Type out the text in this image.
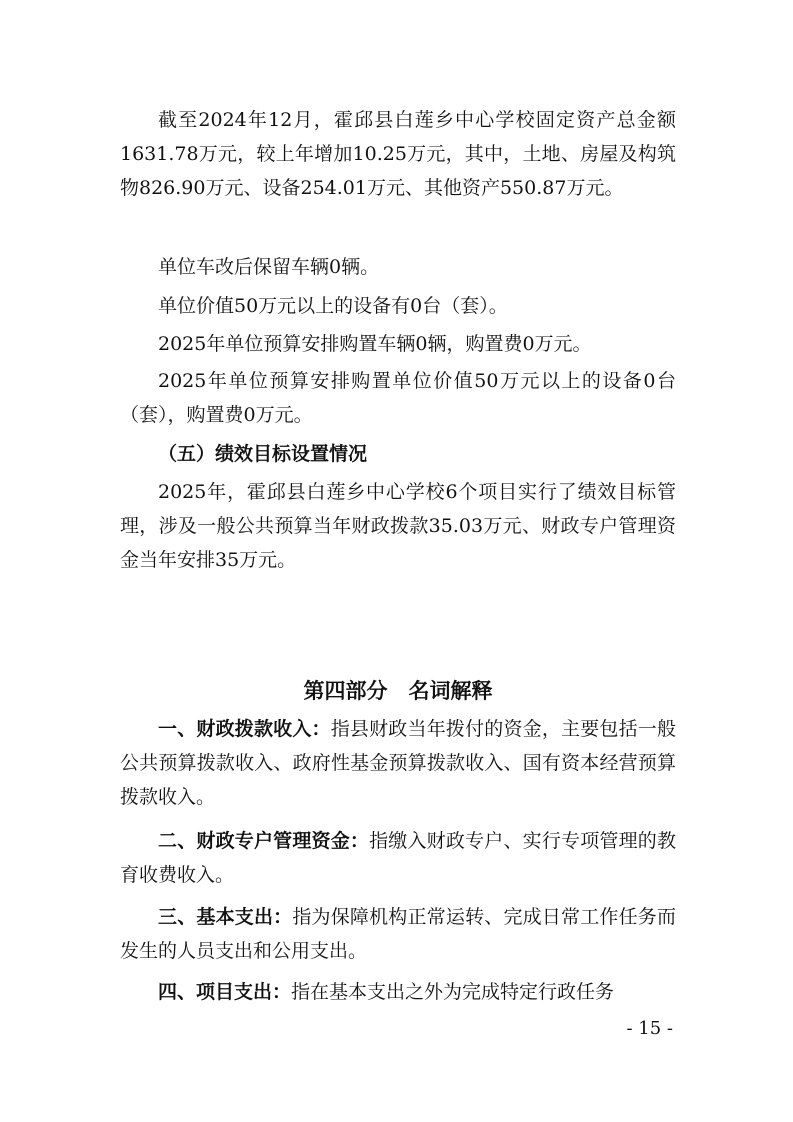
截至2024年12月，霍邱县白莲乡中心学校固定资产总金额1631.78万元，较上年增加10.25万元，其中，土地、房屋及构筑物826.90万元、设备254.01万元、其他资产550.87万元。

单位车改后保留车辆0辆。

单位价值50万元以上的设备有0台（套）。

2025年单位预算安排购置车辆0辆，购置费0万元。

2025年单位预算安排购置单位价值50万元以上的设备0台（套），购置费0万元。

（五）绩效目标设置情况

2025年，霍邱县白莲乡中心学校6个项目实行了绩效目标管理，涉及一般公共预算当年财政拨款35.03万元、财政专户管理资金当年安排35万元。

第四部分　名词解释

一、财政拨款收入：指县财政当年拨付的资金，主要包括一般公共预算拨款收入、政府性基金预算拨款收入、国有资本经营预算拨款收入。

二、财政专户管理资金：指缴入财政专户、实行专项管理的教育收费收入。

三、基本支出：指为保障机构正常运转、完成日常工作任务而发生的人员支出和公用支出。

四、项目支出：指在基本支出之外为完成特定行政任务

- 15 -
